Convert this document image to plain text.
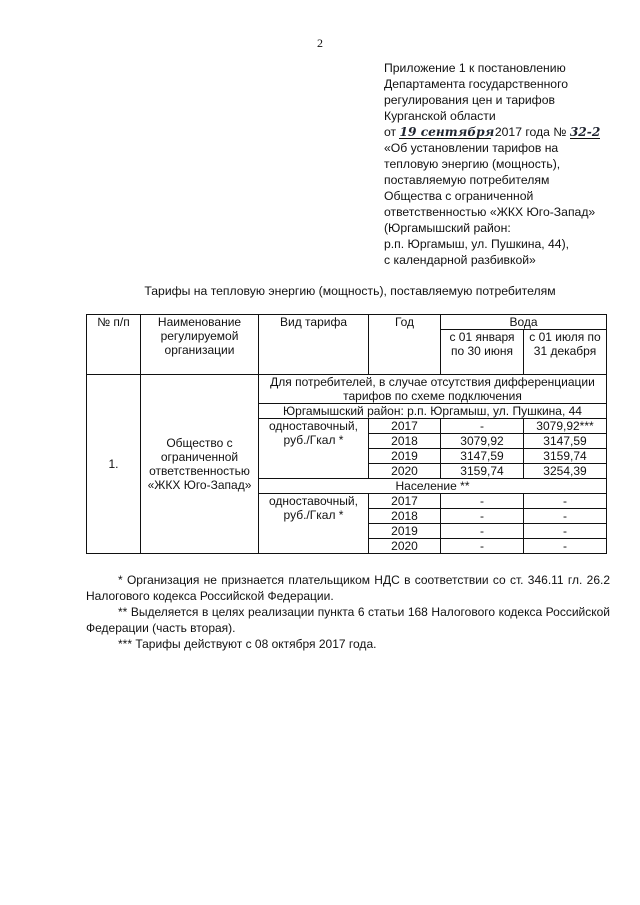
2
Приложение 1 к постановлению
Департамента государственного
регулирования цен и тарифов
Курганской области
от 19 сентября 2017 года № 32-2
«Об установлении тарифов на
тепловую энергию (мощность),
поставляемую потребителям
Общества с ограниченной
ответственностью «ЖКХ Юго-Запад»
(Юргамышский район:
р.п. Юргамыш, ул. Пушкина, 44),
с календарной разбивкой»
Тарифы на тепловую энергию (мощность), поставляемую потребителям
№ п/п	Наименование регулируемой организации	Вид тарифа	Год	Вода	
				с 01 января по 30 июня	с 01 июля по 31 декабря
1.	Общество с ограниченной ответственностью «ЖКХ Юго-Запад»	Для потребителей, в случае отсутствия дифференциации тарифов по схеме подключения			
		Юргамышский район: р.п. Юргамыш, ул. Пушкина, 44			
		одноставочный, руб./Гкал *	2017	-	3079,92***
			2018	3079,92	3147,59
			2019	3147,59	3159,74
			2020	3159,74	3254,39
		Население **			
		одноставочный, руб./Гкал *	2017	-	-
			2018	-	-
			2019	-	-
			2020	-	-

* Организация не признается плательщиком НДС в соответствии со ст. 346.11 гл. 26.2 Налогового кодекса Российской Федерации.

** Выделяется в целях реализации пункта 6 статьи 168 Налогового кодекса Российской Федерации (часть вторая).

*** Тарифы действуют с 08 октября 2017 года.
